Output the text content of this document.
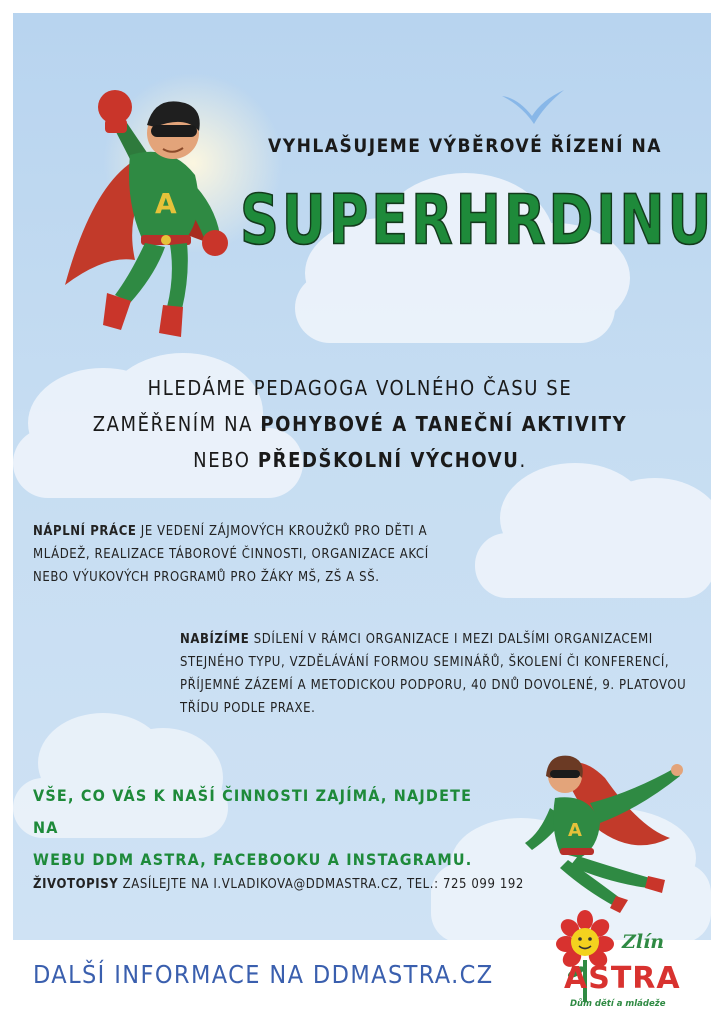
A
A
VYHLAŠUJEME VÝBĚROVÉ ŘÍZENÍ NA
SUPERHRDINU
HLEDÁME PEDAGOGA VOLNÉHO ČASU SE
ZAMĚŘENÍM NA POHYBOVÉ A TANEČNÍ AKTIVITY
NEBO PŘEDŠKOLNÍ VÝCHOVU.
NÁPLNÍ PRÁCE JE VEDENÍ ZÁJMOVÝCH KROUŽKŮ PRO DĚTI A MLÁDEŽ, REALIZACE TÁBOROVÉ ČINNOSTI, ORGANIZACE AKCÍ NEBO VÝUKOVÝCH PROGRAMŮ PRO ŽÁKY MŠ, ZŠ A SŠ.
NABÍZÍME SDÍLENÍ V RÁMCI ORGANIZACE I MEZI DALŠÍMI ORGANIZACEMI STEJNÉHO TYPU, VZDĚLÁVÁNÍ FORMOU SEMINÁŘŮ, ŠKOLENÍ ČI KONFERENCÍ, PŘÍJEMNÉ ZÁZEMÍ A METODICKOU PODPORU, 40 DNŮ DOVOLENÉ, 9. PLATOVOU TŘÍDU PODLE PRAXE.
VŠE, CO VÁS K NAŠÍ ČINNOSTI ZAJÍMÁ, NAJDETE NA
WEBU DDM ASTRA, FACEBOOKU A INSTAGRAMU.
ŽIVOTOPISY ZASÍLEJTE NA I.VLADIKOVA@DDMASTRA.CZ, TEL.: 725 099 192
DALŠÍ INFORMACE NA DDMASTRA.CZ
Zlín
ASTRA
Dům dětí a mládeže
